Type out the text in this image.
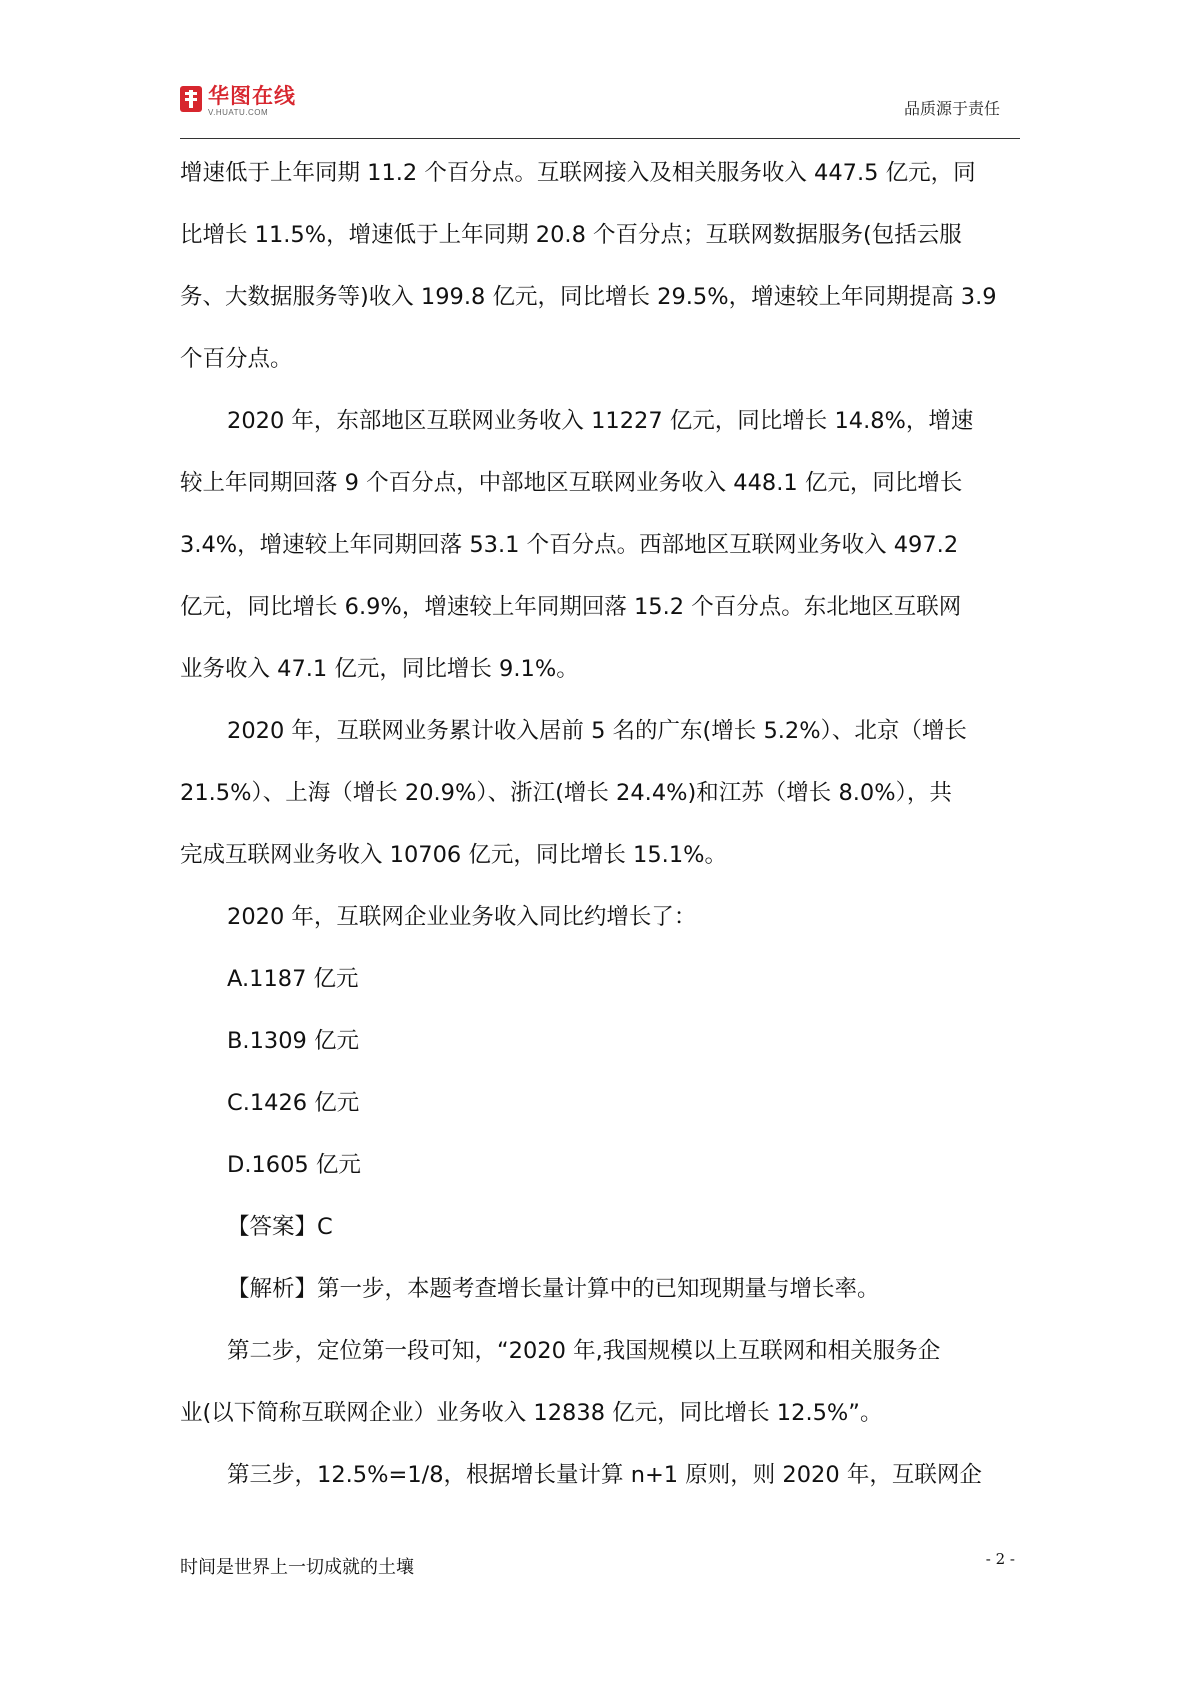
华图在线
V.HUATU.COM	品质源于责任

增速低于上年同期 11.2 个百分点。互联网接入及相关服务收入 447.5 亿元，同

比增长 11.5%，增速低于上年同期 20.8 个百分点；互联网数据服务(包括云服

务、大数据服务等)收入 199.8 亿元，同比增长 29.5%，增速较上年同期提高 3.9

个百分点。

2020 年，东部地区互联网业务收入 11227 亿元，同比增长 14.8%，增速

较上年同期回落 9 个百分点，中部地区互联网业务收入 448.1 亿元，同比增长

3.4%，增速较上年同期回落 53.1 个百分点。西部地区互联网业务收入 497.2

亿元，同比增长 6.9%，增速较上年同期回落 15.2 个百分点。东北地区互联网

业务收入 47.1 亿元，同比增长 9.1%。

2020 年，互联网业务累计收入居前 5 名的广东(增长 5.2%）、北京（增长

21.5%）、上海（增长 20.9%）、浙江(增长 24.4%)和江苏（增长 8.0%），共

完成互联网业务收入 10706 亿元，同比增长 15.1%。

2020 年，互联网企业业务收入同比约增长了：

A.1187 亿元

B.1309 亿元

C.1426 亿元

D.1605 亿元

【答案】C

【解析】第一步，本题考查增长量计算中的已知现期量与增长率。

第二步，定位第一段可知，“2020 年,我国规模以上互联网和相关服务企

业(以下简称互联网企业）业务收入 12838 亿元，同比增长 12.5%”。

第三步，12.5%=1/8，根据增长量计算 n+1 原则，则 2020 年，互联网企

时间是世界上一切成就的土壤	- 2 -
